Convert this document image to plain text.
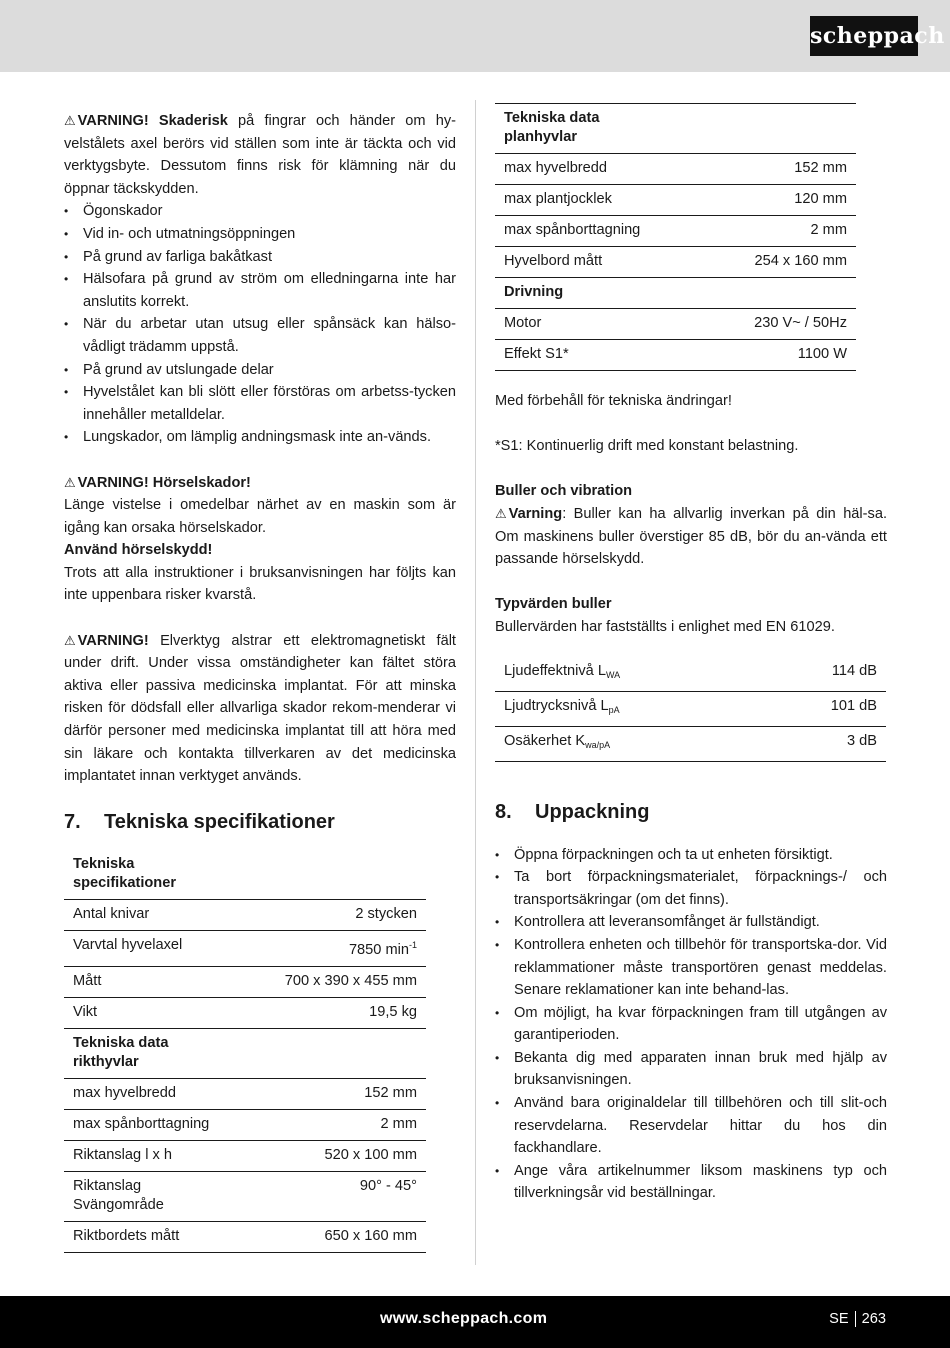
scheppach

⚠ VARNING! Skaderisk på fingrar och händer om hy-velstålets axel berörs vid ställen som inte är täckta och vid verktygsbyte. Dessutom finns risk för klämning när du öppnar täckskydden.

• Ögonskador
• Vid in- och utmatningsöppningen
• På grund av farliga bakåtkast
• Hälsofara på grund av ström om elledningarna inte har anslutits korrekt.
• När du arbetar utan utsug eller spånsäck kan hälso-vådligt trädamm uppstå.
• På grund av utslungade delar
• Hyvelstålet kan bli slött eller förstöras om arbetss-tycken innehåller metalldelar.
• Lungskador, om lämplig andningsmask inte an-vänds.

⚠ VARNING! Hörselskador!

Länge vistelse i omedelbar närhet av en maskin som är igång kan orsaka hörselskador.

Använd hörselskydd!

Trots att alla instruktioner i bruksanvisningen har följts kan inte uppenbara risker kvarstå.

⚠ VARNING! Elverktyg alstrar ett elektromagnetiskt fält under drift. Under vissa omständigheter kan fältet störa aktiva eller passiva medicinska implantat. För att minska risken för dödsfall eller allvarliga skador rekom-menderar vi därför personer med medicinska implantat till att höra med sin läkare och kontakta tillverkaren av det medicinska implantatet innan verktyget används.

7. Tekniska specifikationer
Tekniska specifikationer	
Antal knivar	2 stycken
Varvtal hyvelaxel	7850 $\min^{-1}$
Mått	700 x 390 x 455 mm
Vikt	19,5 kg
Tekniska data rikthyvlar	
max hyvelbredd	152 mm
max spånborttagning	2 mm
Riktanslag l x h	520 x 100 mm
Riktanslag Svängområde	90° - 45°
Riktbordets mått	650 x 160 mm
Tekniska data planhyvlar	
max hyvelbredd	152 mm
max plantjocklek	120 mm
max spånborttagning	2 mm
Hyvelbord mått	254 x 160 mm
Drivning	
Motor	230 V~ / 50Hz
Effekt S1*	1100 W

Med förbehåll för tekniska ändringar!

*S1: Kontinuerlig drift med konstant belastning.

Buller och vibration

⚠ Varning: Buller kan ha allvarlig inverkan på din häl-sa. Om maskinens buller överstiger 85 dB, bör du an-vända ett passande hörselskydd.

Typvärden buller

Bullervärden har fastställts i enlighet med EN 61029.

Ljudeffektnivå $L_{WA}$	114 dB
Ljudtrycksnivå $L_{pA}$	101 dB
Osäkerhet $K_{wa/pA}$	3 dB
8. Uppackning
• Öppna förpackningen och ta ut enheten försiktigt.
• Ta bort förpackningsmaterialet, förpacknings-/ och transportsäkringar (om det finns).
• Kontrollera att leveransomfånget är fullständigt.
• Kontrollera enheten och tillbehör för transportska-dor. Vid reklammationer måste transportören genast meddelas. Senare reklamationer kan inte behand-las.
• Om möjligt, ha kvar förpackningen fram till utgången av garantiperioden.
• Bekanta dig med apparaten innan bruk med hjälp av bruksanvisningen.
• Använd bara originaldelar till tillbehören och till slit-och reservdelarna. Reservdelar hittar du hos din fackhandlare.
• Ange våra artikelnummer liksom maskinens typ och tillverkningsår vid beställningar.
www.scheppach.com	SE 263
